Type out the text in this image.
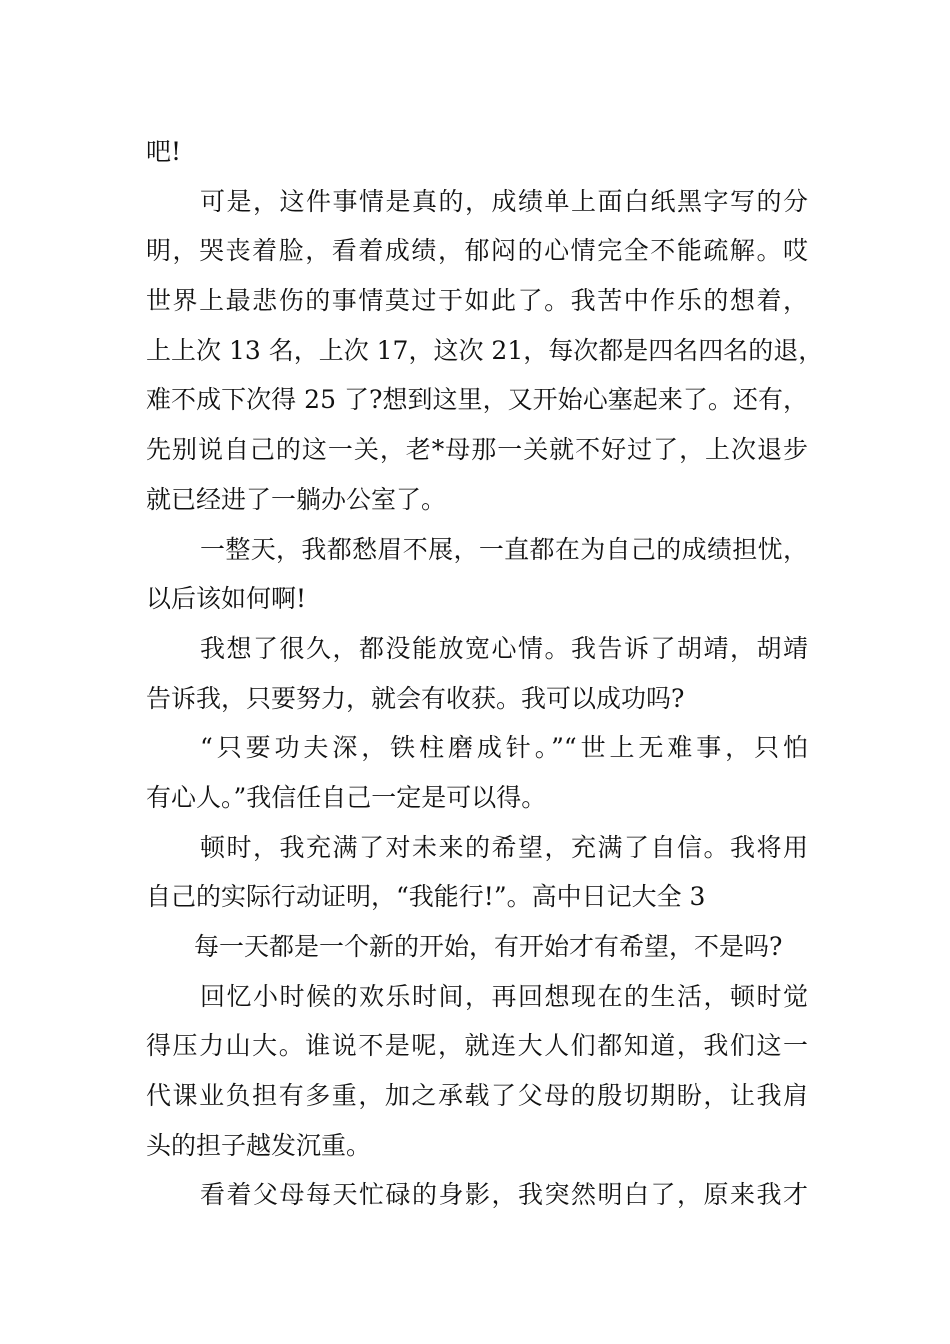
吧!
可是，这件事情是真的，成绩单上面白纸黑字写的分
明，哭丧着脸，看着成绩，郁闷的心情完全不能疏解。哎
世界上最悲伤的事情莫过于如此了。我苦中作乐的想着，
上上次 13 名，上次 17，这次 21，每次都是四名四名的退，
难不成下次得 25 了?想到这里，又开始心塞起来了。还有，
先别说自己的这一关，老*母那一关就不好过了，上次退步
就已经进了一躺办公室了。
一整天，我都愁眉不展，一直都在为自己的成绩担忧，
以后该如何啊!
我想了很久，都没能放宽心情。我告诉了胡靖，胡靖
告诉我，只要努力，就会有收获。我可以成功吗?
“只要功夫深，铁柱磨成针。”“世上无难事，只怕
有心人。”我信任自己一定是可以得。
顿时，我充满了对未来的希望，充满了自信。我将用
自己的实际行动证明，“我能行!”。高中日记大全 3
每一天都是一个新的开始，有开始才有希望，不是吗?
回忆小时候的欢乐时间，再回想现在的生活，顿时觉
得压力山大。谁说不是呢，就连大人们都知道，我们这一
代课业负担有多重，加之承载了父母的殷切期盼，让我肩
头的担子越发沉重。
看着父母每天忙碌的身影，我突然明白了，原来我才
